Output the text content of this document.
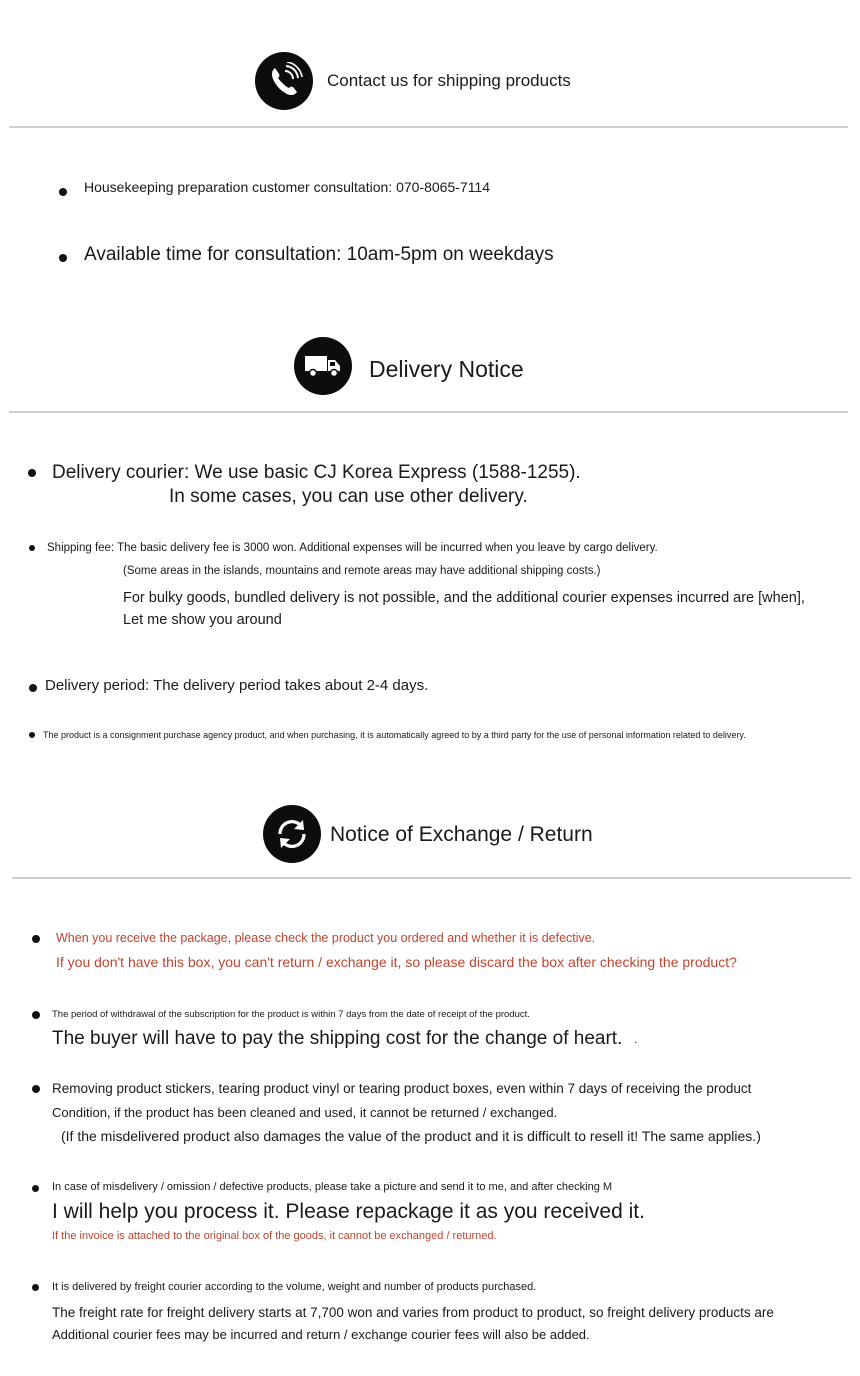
Contact us for shipping products
Housekeeping preparation customer consultation: 070-8065-7114
Available time for consultation: 10am-5pm on weekdays
Delivery Notice
Delivery courier: We use basic CJ Korea Express (1588-1255).
In some cases, you can use other delivery.
Shipping fee: The basic delivery fee is 3000 won. Additional expenses will be incurred when you leave by cargo delivery.
(Some areas in the islands, mountains and remote areas may have additional shipping costs.)
For bulky goods, bundled delivery is not possible, and the additional courier expenses incurred are [when],
Let me show you around
Delivery period: The delivery period takes about 2-4 days.
The product is a consignment purchase agency product, and when purchasing, it is automatically agreed to by a third party for the use of personal information related to delivery.
Notice of Exchange / Return
When you receive the package, please check the product you ordered and whether it is defective.
If you don't have this box, you can't return / exchange it, so please discard the box after checking the product?
The period of withdrawal of the subscription for the product is within 7 days from the date of receipt of the product.
The buyer will have to pay the shipping cost for the change of heart. .
Removing product stickers, tearing product vinyl or tearing product boxes, even within 7 days of receiving the product
Condition, if the product has been cleaned and used, it cannot be returned / exchanged.
(If the misdelivered product also damages the value of the product and it is difficult to resell it! The same applies.)
In case of misdelivery / omission / defective products, please take a picture and send it to me, and after checking M
I will help you process it. Please repackage it as you received it.
If the invoice is attached to the original box of the goods, it cannot be exchanged / returned.
It is delivered by freight courier according to the volume, weight and number of products purchased.
The freight rate for freight delivery starts at 7,700 won and varies from product to product, so freight delivery products are
Additional courier fees may be incurred and return / exchange courier fees will also be added.
